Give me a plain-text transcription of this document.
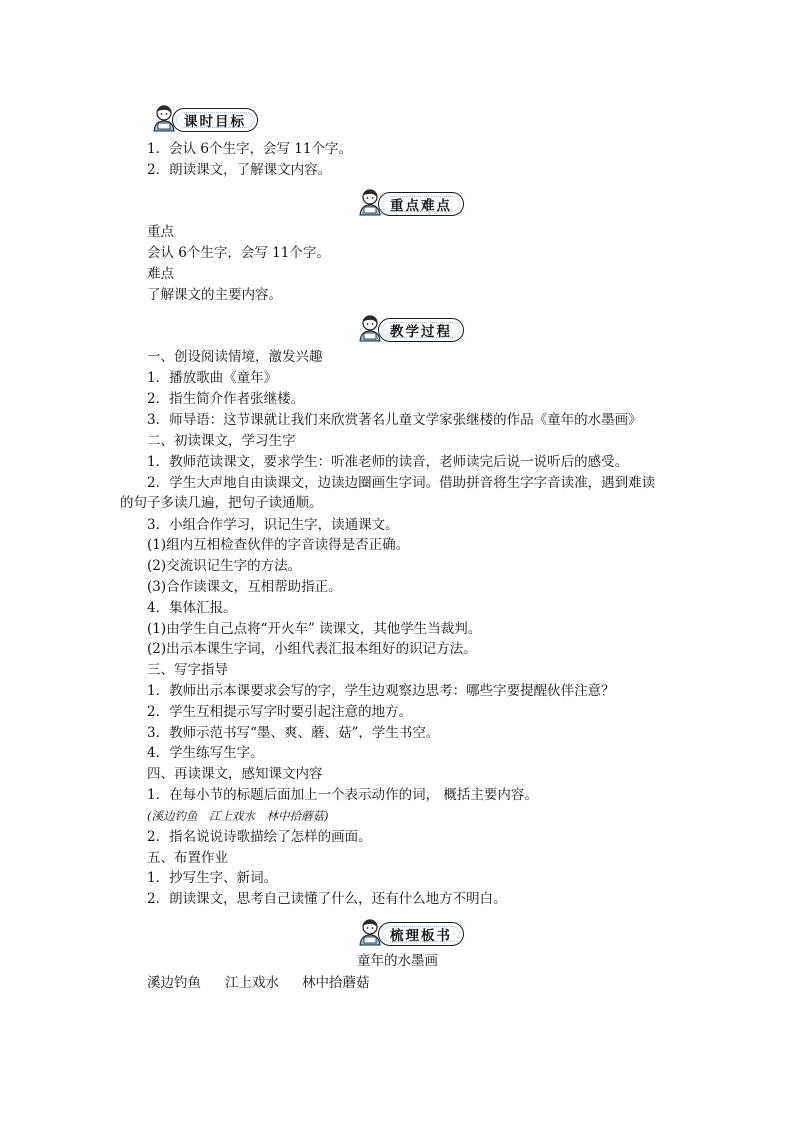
课时目标
1．会认 6个生字，会写 11个字。
2．朗读课文，了解课文内容。
重点难点
重点
会认 6个生字，会写 11个字。
难点
了解课文的主要内容。
教学过程
一、创设阅读情境，激发兴趣
1．播放歌曲《童年》
2．指生简介作者张继楼。
3．师导语：这节课就让我们来欣赏著名儿童文学家张继楼的作品《童年的水墨画》
二、初读课文，学习生字
1．教师范读课文，要求学生：听准老师的读音，老师读完后说一说听后的感受。
2．学生大声地自由读课文，边读边圈画生字词。借助拼音将生字字音读准，遇到难读
的句子多读几遍，把句子读通顺。
3．小组合作学习，识记生字，读通课文。
(1)组内互相检查伙伴的字音读得是否正确。
(2)交流识记生字的方法。
(3)合作读课文，互相帮助指正。
4．集体汇报。
(1)由学生自己点将“开火车” 读课文，其他学生当裁判。
(2)出示本课生字词，小组代表汇报本组好的识记方法。
三、写字指导
1．教师出示本课要求会写的字，学生边观察边思考：哪些字要提醒伙伴注意？
2．学生互相提示写字时要引起注意的地方。
3．教师示范书写“墨、爽、蘑、菇”，学生书空。
4．学生练写生字。
四、再读课文，感知课文内容
1．在每小节的标题后面加上一个表示动作的词， 概括主要内容。
(溪边钓鱼　江上戏水　林中拾蘑菇)
2．指名说说诗歌描绘了怎样的画面。
五、布置作业
1．抄写生字、新词。
2．朗读课文，思考自己读懂了什么，还有什么地方不明白。
梳理板书
童年的水墨画
溪边钓鱼 江上戏水 林中拾蘑菇
